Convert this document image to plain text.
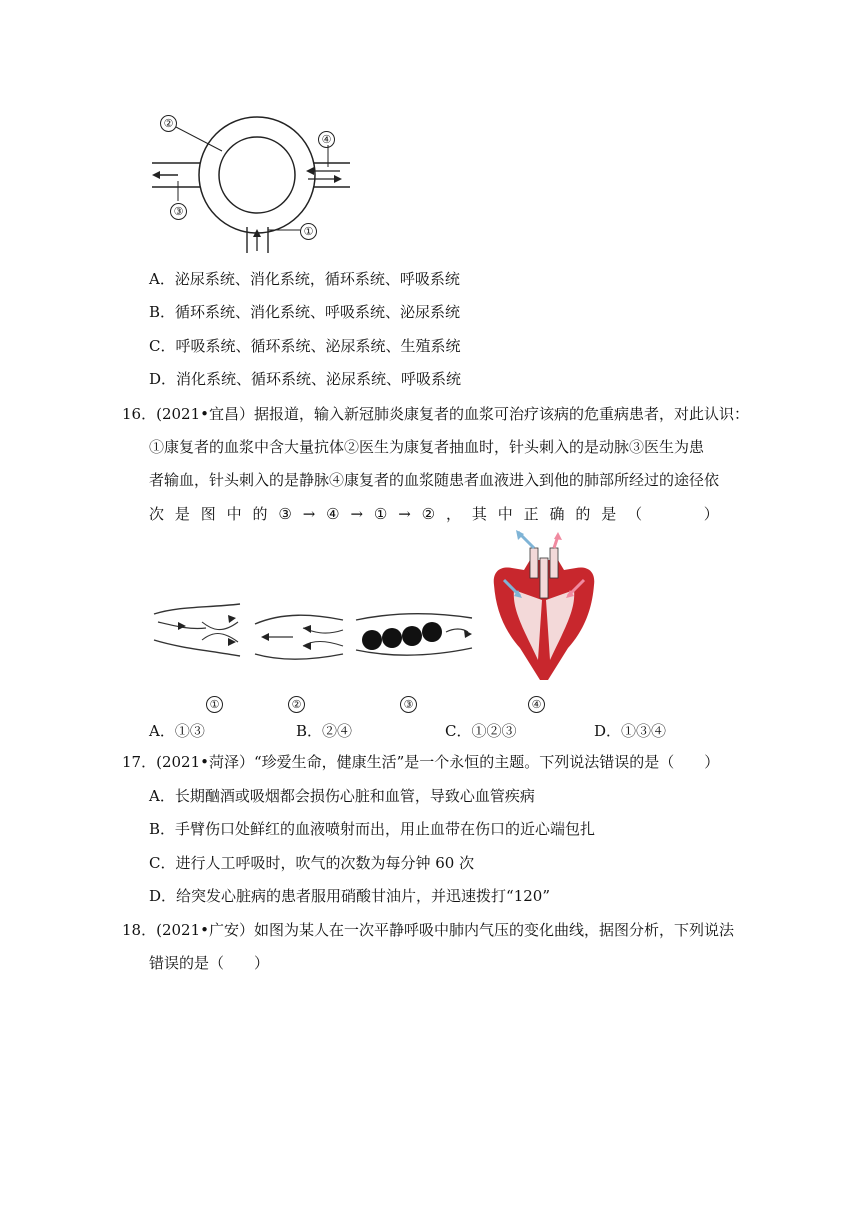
②
④
③
①
A．泌尿系统、消化系统，循环系统、呼吸系统
B．循环系统、消化系统、呼吸系统、泌尿系统
C．呼吸系统、循环系统、泌尿系统、生殖系统
D．消化系统、循环系统、泌尿系统、呼吸系统
16．(2021•宜昌）据报道，输入新冠肺炎康复者的血浆可治疗该病的危重病患者，对此认识：
①康复者的血浆中含大量抗体②医生为康复者抽血时，针头刺入的是动脉③医生为患
者输血，针头刺入的是静脉④康复者的血浆随患者血液进入到他的肺部所经过的途径依
次 是 图 中 的 ③ → ④ → ① → ② ， 其 中 正 确 的 是 （	）
①	②	③	④
A．①③	B．②④	C．①②③	D．①③④
17．(2021•菏泽）“珍爱生命，健康生活”是一个永恒的主题。下列说法错误的是（　　）
A．长期酗酒或吸烟都会损伤心脏和血管，导致心血管疾病
B．手臂伤口处鲜红的血液喷射而出，用止血带在伤口的近心端包扎
C．进行人工呼吸时，吹气的次数为每分钟 60 次
D．给突发心脏病的患者服用硝酸甘油片，并迅速拨打“120”
18．(2021•广安）如图为某人在一次平静呼吸中肺内气压的变化曲线，据图分析，下列说法
错误的是（　　）
